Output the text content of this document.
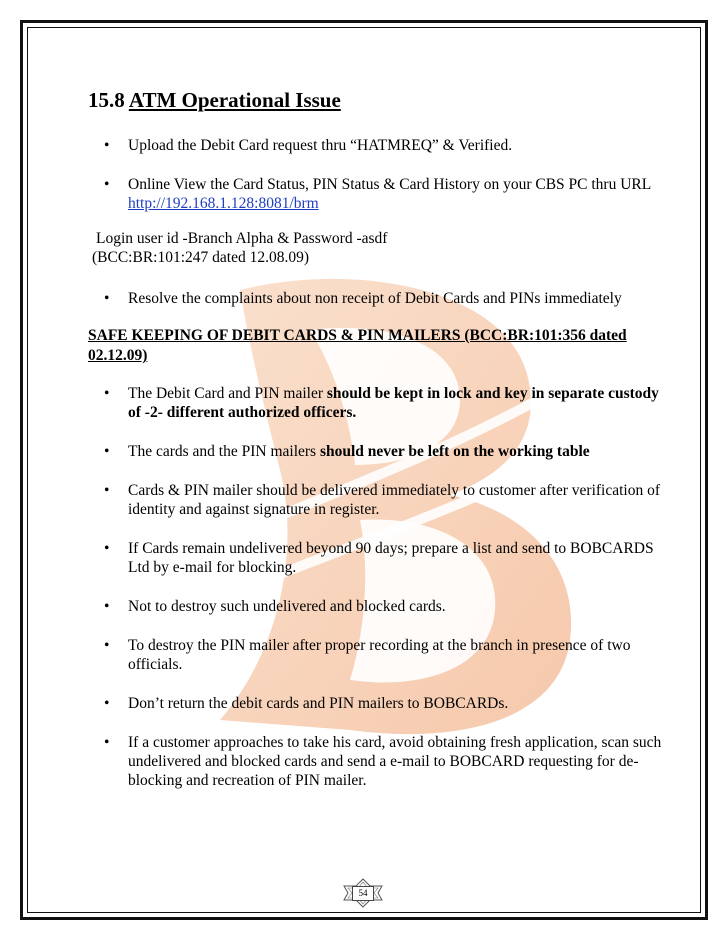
15.8 ATM Operational Issue
• Upload the Debit Card request thru “HATMREQ” & Verified.
• Online View the Card Status, PIN Status & Card History on your CBS PC thru URL http://192.168.1.128:8081/brm

Login user id -Branch Alpha & Password -asdf

(BCC:BR:101:247 dated 12.08.09)

• Resolve the complaints about non receipt of Debit Cards and PINs immediately

SAFE KEEPING OF DEBIT CARDS & PIN MAILERS (BCC:BR:101:356 dated 02.12.09)

• The Debit Card and PIN mailer should be kept in lock and key in separate custody of -2- different authorized officers.
• The cards and the PIN mailers should never be left on the working table
• Cards & PIN mailer should be delivered immediately to customer after verification of identity and against signature in register.
• If Cards remain undelivered beyond 90 days; prepare a list and send to BOBCARDS Ltd by e-mail for blocking.
• Not to destroy such undelivered and blocked cards.
• To destroy the PIN mailer after proper recording at the branch in presence of two officials.
• Don’t return the debit cards and PIN mailers to BOBCARDs.
• If a customer approaches to take his card, avoid obtaining fresh application, scan such undelivered and blocked cards and send a e-mail to BOBCARD requesting for de-blocking and recreation of PIN mailer.
54
